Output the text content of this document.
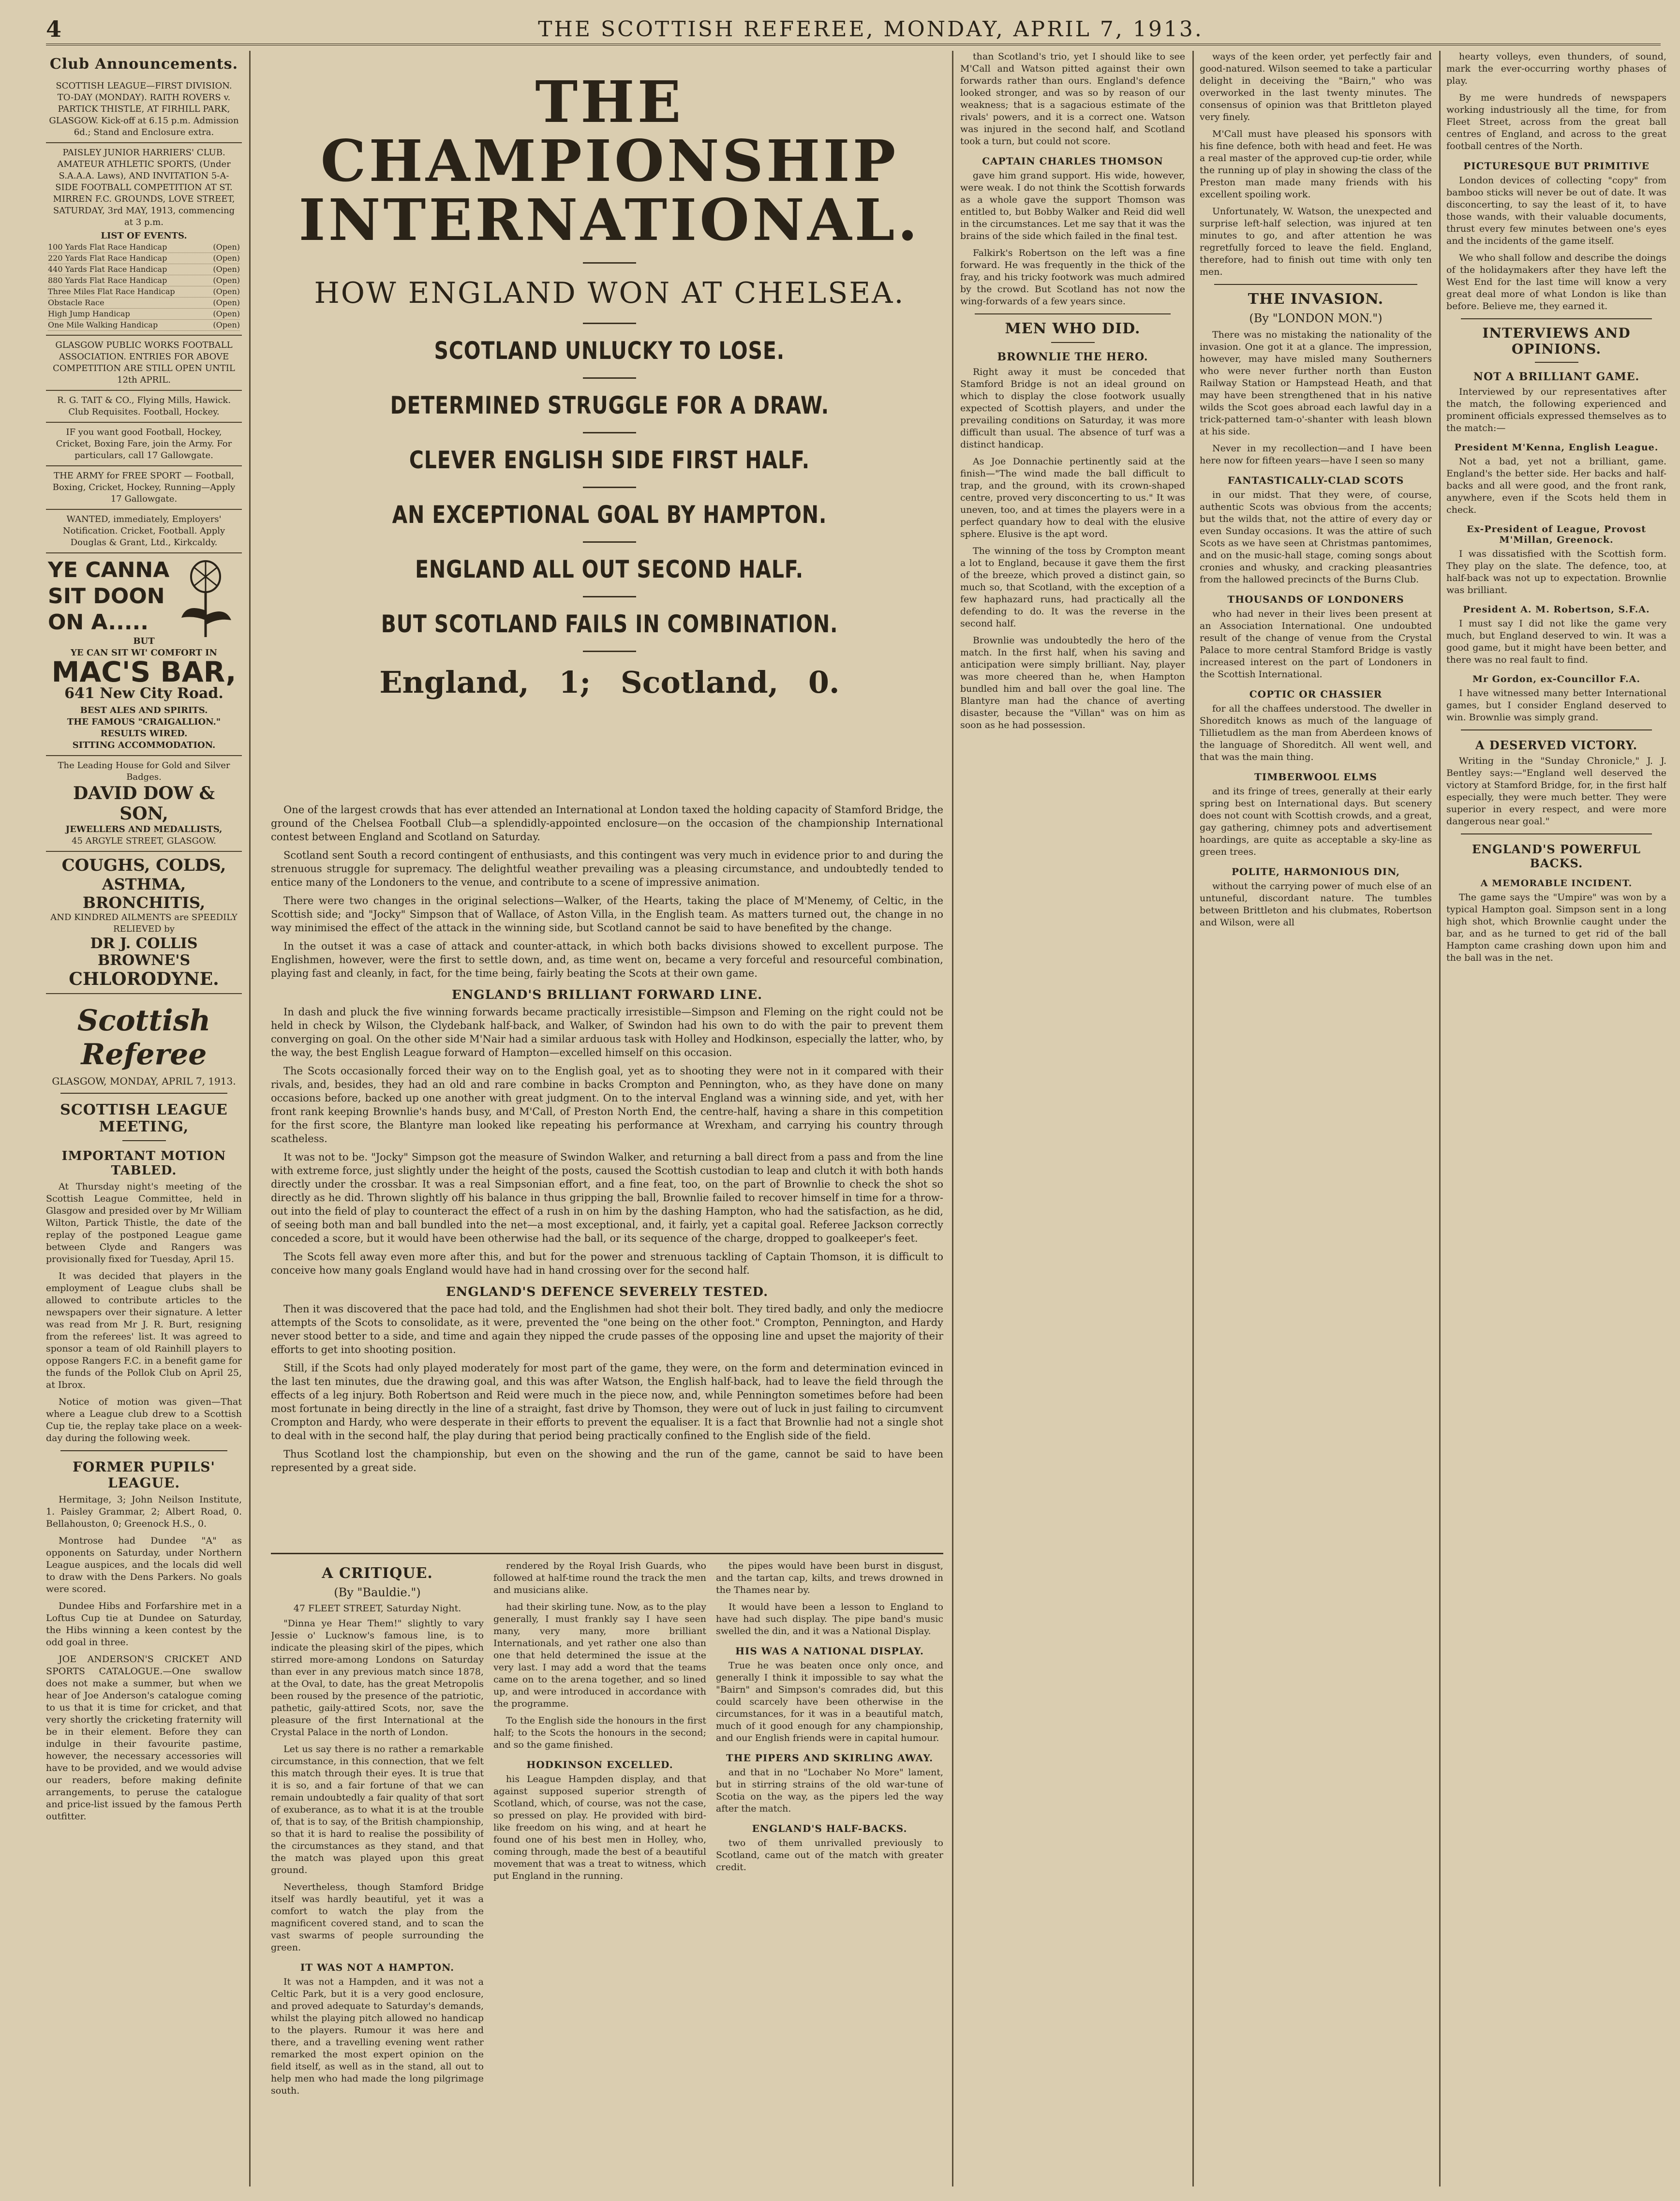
4	THE SCOTTISH REFEREE, MONDAY, APRIL 7, 1913.
Club Announcements.
SCOTTISH LEAGUE—FIRST DIVISION. TO-DAY (MONDAY). RAITH ROVERS v. PARTICK THISTLE, AT FIRHILL PARK, GLASGOW. Kick-off at 6.15 p.m. Admission 6d.; Stand and Enclosure extra.
PAISLEY JUNIOR HARRIERS' CLUB. AMATEUR ATHLETIC SPORTS, (Under S.A.A.A. Laws), AND INVITATION 5-A-SIDE FOOTBALL COMPETITION AT ST. MIRREN F.C. GROUNDS, LOVE STREET, SATURDAY, 3rd MAY, 1913, commencing at 3 p.m.
LIST OF EVENTS.
100 Yards Flat Race Handicap	(Open)
220 Yards Flat Race Handicap	(Open)
440 Yards Flat Race Handicap	(Open)
880 Yards Flat Race Handicap	(Open)
Three Miles Flat Race Handicap	(Open)
Obstacle Race	(Open)
High Jump Handicap	(Open)
One Mile Walking Handicap	(Open)
GLASGOW PUBLIC WORKS FOOTBALL ASSOCIATION. ENTRIES FOR ABOVE COMPETITION ARE STILL OPEN UNTIL 12th APRIL.
R. G. TAIT & CO., Flying Mills, Hawick. Club Requisites. Football, Hockey.
IF you want good Football, Hockey, Cricket, Boxing Fare, join the Army. For particulars, call 17 Gallowgate.
THE ARMY for FREE SPORT — Football, Boxing, Cricket, Hockey, Running—Apply 17 Gallowgate.
WANTED, immediately, Employers' Notification. Cricket, Football. Apply Douglas & Grant, Ltd., Kirkcaldy.
YE CANNA
SIT DOON
ON A.....
BUT
YE CAN SIT WI' COMFORT IN
MAC'S BAR,
641 New City Road.
BEST ALES AND SPIRITS.
THE FAMOUS "CRAIGALLION."
RESULTS WIRED.
SITTING ACCOMMODATION.
The Leading House for Gold and Silver Badges.
DAVID DOW & SON,
JEWELLERS AND MEDALLISTS,
45 ARGYLE STREET, GLASGOW.
COUGHS, COLDS,
ASTHMA, BRONCHITIS,
AND KINDRED AILMENTS are SPEEDILY RELIEVED by
DR J. COLLIS BROWNE'S
CHLORODYNE.
Scottish Referee
GLASGOW, MONDAY, APRIL 7, 1913.
SCOTTISH LEAGUE MEETING,
IMPORTANT MOTION TABLED.

At Thursday night's meeting of the Scottish League Committee, held in Glasgow and presided over by Mr William Wilton, Partick Thistle, the date of the replay of the postponed League game between Clyde and Rangers was provisionally fixed for Tuesday, April 15.

It was decided that players in the employment of League clubs shall be allowed to contribute articles to the newspapers over their signature. A letter was read from Mr J. R. Burt, resigning from the referees' list. It was agreed to sponsor a team of old Rainhill players to oppose Rangers F.C. in a benefit game for the funds of the Pollok Club on April 25, at Ibrox.

Notice of motion was given—That where a League club drew to a Scottish Cup tie, the replay take place on a week-day during the following week.

FORMER PUPILS' LEAGUE.

Hermitage, 3; John Neilson Institute, 1. Paisley Grammar, 2; Albert Road, 0. Bellahouston, 0; Greenock H.S., 0.

Montrose had Dundee "A" as opponents on Saturday, under Northern League auspices, and the locals did well to draw with the Dens Parkers. No goals were scored.

Dundee Hibs and Forfarshire met in a Loftus Cup tie at Dundee on Saturday, the Hibs winning a keen contest by the odd goal in three.

JOE ANDERSON'S CRICKET AND SPORTS CATALOGUE.—One swallow does not make a summer, but when we hear of Joe Anderson's catalogue coming to us that it is time for cricket, and that very shortly the cricketing fraternity will be in their element. Before they can indulge in their favourite pastime, however, the necessary accessories will have to be provided, and we would advise our readers, before making definite arrangements, to peruse the catalogue and price-list issued by the famous Perth outfitter.

THE CHAMPIONSHIP INTERNATIONAL.
HOW ENGLAND WON AT CHELSEA.
SCOTLAND UNLUCKY TO LOSE.
DETERMINED STRUGGLE FOR A DRAW.
CLEVER ENGLISH SIDE FIRST HALF.
AN EXCEPTIONAL GOAL BY HAMPTON.
ENGLAND ALL OUT SECOND HALF.
BUT SCOTLAND FAILS IN COMBINATION.
England, 1; Scotland, 0.

One of the largest crowds that has ever attended an International at London taxed the holding capacity of Stamford Bridge, the ground of the Chelsea Football Club—a splendidly-appointed enclosure—on the occasion of the championship International contest between England and Scotland on Saturday.

Scotland sent South a record contingent of enthusiasts, and this contingent was very much in evidence prior to and during the strenuous struggle for supremacy. The delightful weather prevailing was a pleasing circumstance, and undoubtedly tended to entice many of the Londoners to the venue, and contribute to a scene of impressive animation.

There were two changes in the original selections—Walker, of the Hearts, taking the place of M'Menemy, of Celtic, in the Scottish side; and "Jocky" Simpson that of Wallace, of Aston Villa, in the English team. As matters turned out, the change in no way minimised the effect of the attack in the winning side, but Scotland cannot be said to have benefited by the change.

In the outset it was a case of attack and counter-attack, in which both backs divisions showed to excellent purpose. The Englishmen, however, were the first to settle down, and, as time went on, became a very forceful and resourceful combination, playing fast and cleanly, in fact, for the time being, fairly beating the Scots at their own game.

ENGLAND'S BRILLIANT FORWARD LINE.

In dash and pluck the five winning forwards became practically irresistible—Simpson and Fleming on the right could not be held in check by Wilson, the Clydebank half-back, and Walker, of Swindon had his own to do with the pair to prevent them converging on goal. On the other side M'Nair had a similar arduous task with Holley and Hodkinson, especially the latter, who, by the way, the best English League forward of Hampton—excelled himself on this occasion.

The Scots occasionally forced their way on to the English goal, yet as to shooting they were not in it compared with their rivals, and, besides, they had an old and rare combine in backs Crompton and Pennington, who, as they have done on many occasions before, backed up one another with great judgment. On to the interval England was a winning side, and yet, with her front rank keeping Brownlie's hands busy, and M'Call, of Preston North End, the centre-half, having a share in this competition for the first score, the Blantyre man looked like repeating his performance at Wrexham, and carrying his country through scatheless.

It was not to be. "Jocky" Simpson got the measure of Swindon Walker, and returning a ball direct from a pass and from the line with extreme force, just slightly under the height of the posts, caused the Scottish custodian to leap and clutch it with both hands directly under the crossbar. It was a real Simpsonian effort, and a fine feat, too, on the part of Brownlie to check the shot so directly as he did. Thrown slightly off his balance in thus gripping the ball, Brownlie failed to recover himself in time for a throw-out into the field of play to counteract the effect of a rush in on him by the dashing Hampton, who had the satisfaction, as he did, of seeing both man and ball bundled into the net—a most exceptional, and, it fairly, yet a capital goal. Referee Jackson correctly conceded a score, but it would have been otherwise had the ball, or its sequence of the charge, dropped to goalkeeper's feet.

The Scots fell away even more after this, and but for the power and strenuous tackling of Captain Thomson, it is difficult to conceive how many goals England would have had in hand crossing over for the second half.

ENGLAND'S DEFENCE SEVERELY TESTED.

Then it was discovered that the pace had told, and the Englishmen had shot their bolt. They tired badly, and only the mediocre attempts of the Scots to consolidate, as it were, prevented the "one being on the other foot." Crompton, Pennington, and Hardy never stood better to a side, and time and again they nipped the crude passes of the opposing line and upset the majority of their efforts to get into shooting position.

Still, if the Scots had only played moderately for most part of the game, they were, on the form and determination evinced in the last ten minutes, due the drawing goal, and this was after Watson, the English half-back, had to leave the field through the effects of a leg injury. Both Robertson and Reid were much in the piece now, and, while Pennington sometimes before had been most fortunate in being directly in the line of a straight, fast drive by Thomson, they were out of luck in just failing to circumvent Crompton and Hardy, who were desperate in their efforts to prevent the equaliser. It is a fact that Brownlie had not a single shot to deal with in the second half, the play during that period being practically confined to the English side of the field.

Thus Scotland lost the championship, but even on the showing and the run of the game, cannot be said to have been represented by a great side.

A CRITIQUE.
(By "Bauldie.")
47 FLEET STREET, Saturday Night.

"Dinna ye Hear Them!" slightly to vary Jessie o' Lucknow's famous line, is to indicate the pleasing skirl of the pipes, which stirred more-among Londons on Saturday than ever in any previous match since 1878, at the Oval, to date, has the great Metropolis been roused by the presence of the patriotic, pathetic, gaily-attired Scots, nor, save the pleasure of the first International at the Crystal Palace in the north of London.

Let us say there is no rather a remarkable circumstance, in this connection, that we felt this match through their eyes. It is true that it is so, and a fair fortune of that we can remain undoubtedly a fair quality of that sort of exuberance, as to what it is at the trouble of, that is to say, of the British championship, so that it is hard to realise the possibility of the circumstances as they stand, and that the match was played upon this great ground.

Nevertheless, though Stamford Bridge itself was hardly beautiful, yet it was a comfort to watch the play from the magnificent covered stand, and to scan the vast swarms of people surrounding the green.

IT WAS NOT A HAMPTON.

It was not a Hampden, and it was not a Celtic Park, but it is a very good enclosure, and proved adequate to Saturday's demands, whilst the playing pitch allowed no handicap to the players. Rumour it was here and there, and a travelling evening went rather remarked the most expert opinion on the field itself, as well as in the stand, all out to help men who had made the long pilgrimage south.

rendered by the Royal Irish Guards, who followed at half-time round the track the men and musicians alike.

had their skirling tune. Now, as to the play generally, I must frankly say I have seen many, very many, more brilliant Internationals, and yet rather one also than one that held determined the issue at the very last. I may add a word that the teams came on to the arena together, and so lined up, and were introduced in accordance with the programme.

To the English side the honours in the first half; to the Scots the honours in the second; and so the game finished.

HODKINSON EXCELLED.

his League Hampden display, and that against supposed superior strength of Scotland, which, of course, was not the case, so pressed on play. He provided with bird-like freedom on his wing, and at heart he found one of his best men in Holley, who, coming through, made the best of a beautiful movement that was a treat to witness, which put England in the running.

the pipes would have been burst in disgust, and the tartan cap, kilts, and trews drowned in the Thames near by.

It would have been a lesson to England to have had such display. The pipe band's music swelled the din, and it was a National Display.

HIS WAS A NATIONAL DISPLAY.

True he was beaten once only once, and generally I think it impossible to say what the "Bairn" and Simpson's comrades did, but this could scarcely have been otherwise in the circumstances, for it was in a beautiful match, much of it good enough for any championship, and our English friends were in capital humour.

THE PIPERS AND SKIRLING AWAY.

and that in no "Lochaber No More" lament, but in stirring strains of the old war-tune of Scotia on the way, as the pipers led the way after the match.

ENGLAND'S HALF-BACKS.

two of them unrivalled previously to Scotland, came out of the match with greater credit.

than Scotland's trio, yet I should like to see M'Call and Watson pitted against their own forwards rather than ours. England's defence looked stronger, and was so by reason of our weakness; that is a sagacious estimate of the rivals' powers, and it is a correct one. Watson was injured in the second half, and Scotland took a turn, but could not score.

CAPTAIN CHARLES THOMSON

gave him grand support. His wide, however, were weak. I do not think the Scottish forwards as a whole gave the support Thomson was entitled to, but Bobby Walker and Reid did well in the circumstances. Let me say that it was the brains of the side which failed in the final test.

Falkirk's Robertson on the left was a fine forward. He was frequently in the thick of the fray, and his tricky footwork was much admired by the crowd. But Scotland has not now the wing-forwards of a few years since.

MEN WHO DID.
BROWNLIE THE HERO.

Right away it must be conceded that Stamford Bridge is not an ideal ground on which to display the close footwork usually expected of Scottish players, and under the prevailing conditions on Saturday, it was more difficult than usual. The absence of turf was a distinct handicap.

As Joe Donnachie pertinently said at the finish—"The wind made the ball difficult to trap, and the ground, with its crown-shaped centre, proved very disconcerting to us." It was uneven, too, and at times the players were in a perfect quandary how to deal with the elusive sphere. Elusive is the apt word.

The winning of the toss by Crompton meant a lot to England, because it gave them the first of the breeze, which proved a distinct gain, so much so, that Scotland, with the exception of a few haphazard runs, had practically all the defending to do. It was the reverse in the second half.

Brownlie was undoubtedly the hero of the match. In the first half, when his saving and anticipation were simply brilliant. Nay, player was more cheered than he, when Hampton bundled him and ball over the goal line. The Blantyre man had the chance of averting disaster, because the "Villan" was on him as soon as he had possession.

ways of the keen order, yet perfectly fair and good-natured. Wilson seemed to take a particular delight in deceiving the "Bairn," who was overworked in the last twenty minutes. The consensus of opinion was that Brittleton played very finely.

M'Call must have pleased his sponsors with his fine defence, both with head and feet. He was a real master of the approved cup-tie order, while the running up of play in showing the class of the Preston man made many friends with his excellent spoiling work.

Unfortunately, W. Watson, the unexpected and surprise left-half selection, was injured at ten minutes to go, and after attention he was regretfully forced to leave the field. England, therefore, had to finish out time with only ten men.

THE INVASION.
(By "LONDON MON.")

There was no mistaking the nationality of the invasion. One got it at a glance. The impression, however, may have misled many Southerners who were never further north than Euston Railway Station or Hampstead Heath, and that may have been strengthened that in his native wilds the Scot goes abroad each lawful day in a trick-patterned tam-o'-shanter with leash blown at his side.

Never in my recollection—and I have been here now for fifteen years—have I seen so many

FANTASTICALLY-CLAD SCOTS

in our midst. That they were, of course, authentic Scots was obvious from the accents; but the wilds that, not the attire of every day or even Sunday occasions. It was the attire of such Scots as we have seen at Christmas pantomimes, and on the music-hall stage, coming songs about cronies and whusky, and cracking pleasantries from the hallowed precincts of the Burns Club.

THOUSANDS OF LONDONERS

who had never in their lives been present at an Association International. One undoubted result of the change of venue from the Crystal Palace to more central Stamford Bridge is vastly increased interest on the part of Londoners in the Scottish International.

COPTIC OR CHASSIER

for all the chaffees understood. The dweller in Shoreditch knows as much of the language of Tillietudlem as the man from Aberdeen knows of the language of Shoreditch. All went well, and that was the main thing.

TIMBERWOOL ELMS

and its fringe of trees, generally at their early spring best on International days. But scenery does not count with Scottish crowds, and a great, gay gathering, chimney pots and advertisement hoardings, are quite as acceptable a sky-line as green trees.

POLITE, HARMONIOUS DIN,

without the carrying power of much else of an untuneful, discordant nature. The tumbles between Brittleton and his clubmates, Robertson and Wilson, were all

hearty volleys, even thunders, of sound, mark the ever-occurring worthy phases of play.

By me were hundreds of newspapers working industriously all the time, for from Fleet Street, across from the great ball centres of England, and across to the great football centres of the North.

PICTURESQUE BUT PRIMITIVE

London devices of collecting "copy" from bamboo sticks will never be out of date. It was disconcerting, to say the least of it, to have those wands, with their valuable documents, thrust every few minutes between one's eyes and the incidents of the game itself.

We who shall follow and describe the doings of the holidaymakers after they have left the West End for the last time will know a very great deal more of what London is like than before. Believe me, they earned it.

INTERVIEWS AND OPINIONS.
NOT A BRILLIANT GAME.

Interviewed by our representatives after the match, the following experienced and prominent officials expressed themselves as to the match:—

President M'Kenna, English League.

Not a bad, yet not a brilliant, game. England's the better side. Her backs and half-backs and all were good, and the front rank, anywhere, even if the Scots held them in check.

Ex-President of League, Provost M'Millan, Greenock.

I was dissatisfied with the Scottish form. They play on the slate. The defence, too, at half-back was not up to expectation. Brownlie was brilliant.

President A. M. Robertson, S.F.A.

I must say I did not like the game very much, but England deserved to win. It was a good game, but it might have been better, and there was no real fault to find.

Mr Gordon, ex-Councillor F.A.

I have witnessed many better International games, but I consider England deserved to win. Brownlie was simply grand.

A DESERVED VICTORY.

Writing in the "Sunday Chronicle," J. J. Bentley says:—"England well deserved the victory at Stamford Bridge, for, in the first half especially, they were much better. They were superior in every respect, and were more dangerous near goal."

ENGLAND'S POWERFUL BACKS.
A MEMORABLE INCIDENT.

The game says the "Umpire" was won by a typical Hampton goal. Simpson sent in a long high shot, which Brownlie caught under the bar, and as he turned to get rid of the ball Hampton came crashing down upon him and the ball was in the net.
